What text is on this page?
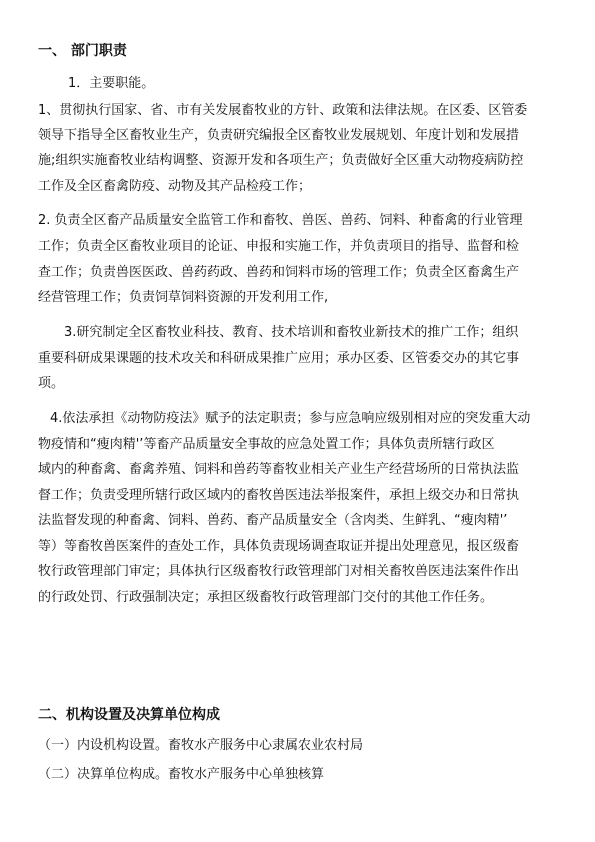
一、 部门职责
1．主要职能。
1、贯彻执行国家、省、市有关发展畜牧业的方针、政策和法律法规。在区委、区管委
领导下指导全区畜牧业生产，负责研究编报全区畜牧业发展规划、年度计划和发展措
施;组织实施畜牧业结构调整、资源开发和各项生产；负责做好全区重大动物疫病防控
工作及全区畜禽防疫、动物及其产品检疫工作；
2. 负责全区畜产品质量安全监管工作和畜牧、兽医、兽药、饲料、种畜禽的行业管理
工作；负责全区畜牧业项目的论证、申报和实施工作，并负责项目的指导、监督和检
查工作；负责兽医医政、兽药药政、兽药和饲料市场的管理工作；负责全区畜禽生产
经营管理工作；负责饲草饲料资源的开发利用工作,
3.研究制定全区畜牧业科技、教育、技术培训和畜牧业新技术的推广工作；组织
重要科研成果课题的技术攻关和科研成果推广应用；承办区委、区管委交办的其它事
项。
4.依法承担《动物防疫法》赋予的法定职责；参与应急响应级别相对应的突发重大动
物疫情和“瘦肉精'’等畜产品质量安全事故的应急处置工作；具体负责所辖行政区
域内的种畜禽、畜禽养殖、饲料和兽药等畜牧业相关产业生产经营场所的日常执法监
督工作；负责受理所辖行政区域内的畜牧兽医违法举报案件，承担上级交办和日常执
法监督发现的种畜禽、饲料、兽药、畜产品质量安全（含肉类、生鲜乳、“瘦肉精'’
等）等畜牧兽医案件的查处工作，具体负责现场调查取证并提出处理意见，报区级畜
牧行政管理部门审定；具体执行区级畜牧行政管理部门对相关畜牧兽医违法案件作出
的行政处罚、行政强制决定；承担区级畜牧行政管理部门交付的其他工作任务。
二、机构设置及决算单位构成
（一）内设机构设置。畜牧水产服务中心隶属农业农村局
（二）决算单位构成。畜牧水产服务中心单独核算
